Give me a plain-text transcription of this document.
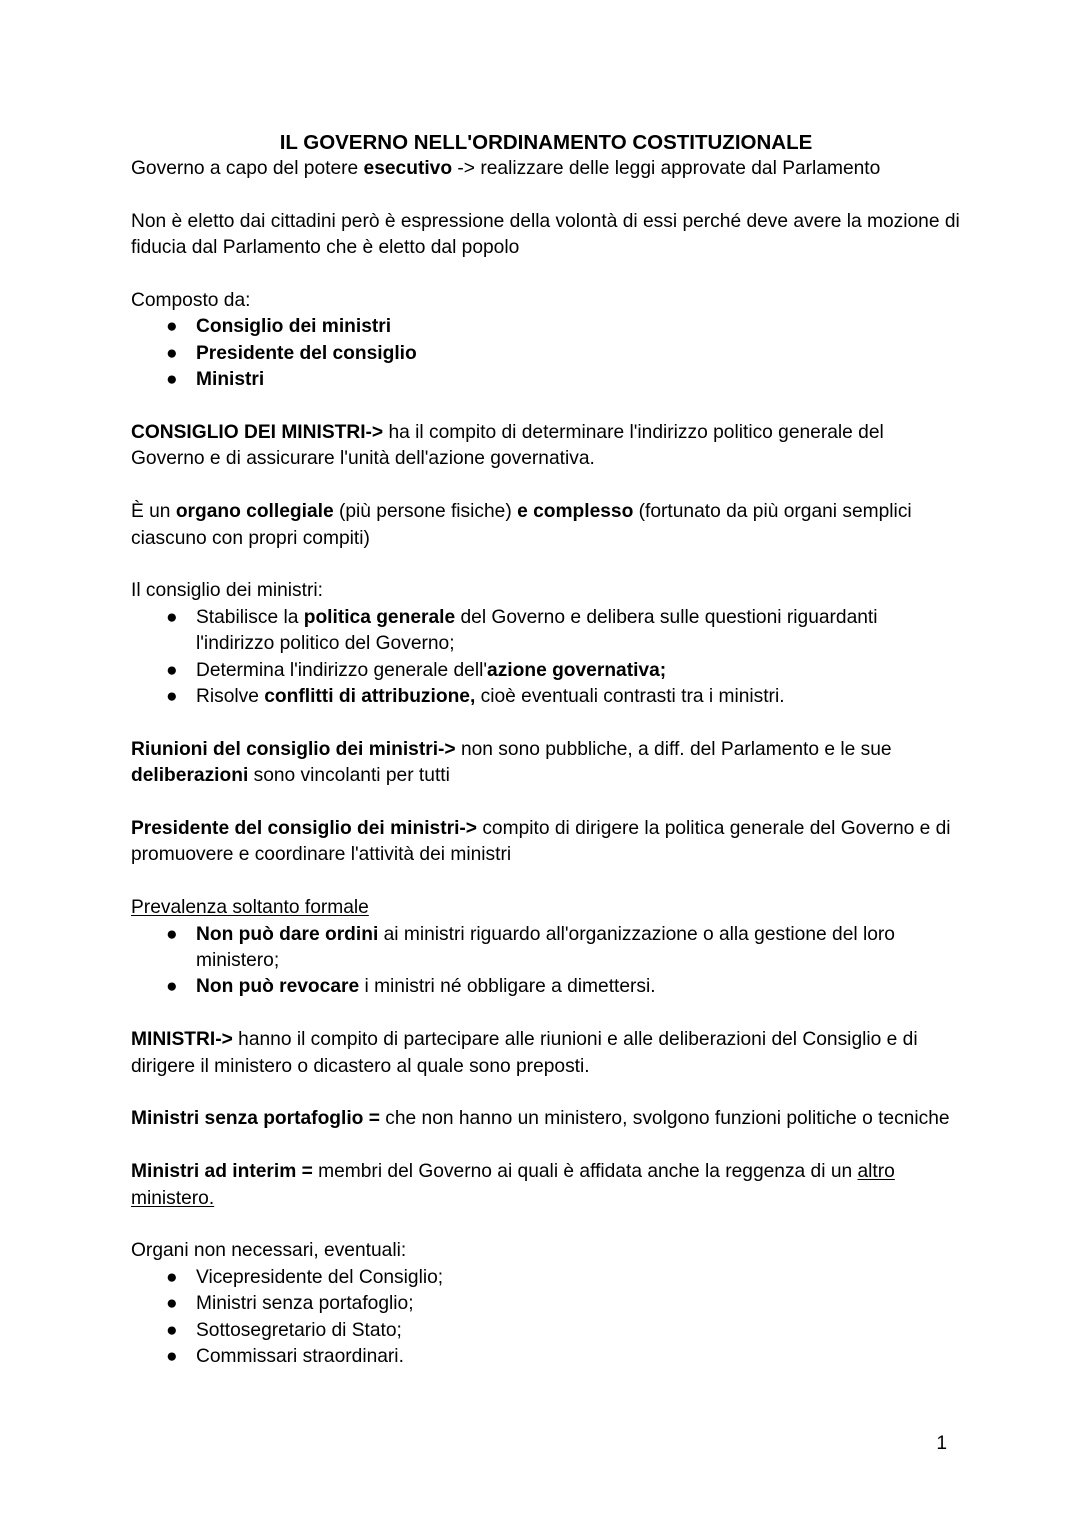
IL GOVERNO NELL'ORDINAMENTO COSTITUZIONALE

Governo a capo del potere esecutivo -> realizzare delle leggi approvate dal Parlamento

Non è eletto dai cittadini però è espressione della volontà di essi perché deve avere la mozione di fiducia dal Parlamento che è eletto dal popolo

Composto da:

● Consiglio dei ministri
● Presidente del consiglio
● Ministri

CONSIGLIO DEI MINISTRI-> ha il compito di determinare l'indirizzo politico generale del Governo e di assicurare l'unità dell'azione governativa.

È un organo collegiale (più persone fisiche) e complesso (fortunato da più organi semplici ciascuno con propri compiti)

Il consiglio dei ministri:

● Stabilisce la politica generale del Governo e delibera sulle questioni riguardanti l'indirizzo politico del Governo;
● Determina l'indirizzo generale dell'azione governativa;
● Risolve conflitti di attribuzione, cioè eventuali contrasti tra i ministri.

Riunioni del consiglio dei ministri-> non sono pubbliche, a diff. del Parlamento e le sue deliberazioni sono vincolanti per tutti

Presidente del consiglio dei ministri-> compito di dirigere la politica generale del Governo e di promuovere e coordinare l'attività dei ministri

Prevalenza soltanto formale

● Non può dare ordini ai ministri riguardo all'organizzazione o alla gestione del loro ministero;
● Non può revocare i ministri né obbligare a dimettersi.

MINISTRI-> hanno il compito di partecipare alle riunioni e alle deliberazioni del Consiglio e di dirigere il ministero o dicastero al quale sono preposti.

Ministri senza portafoglio = che non hanno un ministero, svolgono funzioni politiche o tecniche

Ministri ad interim = membri del Governo ai quali è affidata anche la reggenza di un altro ministero.

Organi non necessari, eventuali:

● Vicepresidente del Consiglio;
● Ministri senza portafoglio;
● Sottosegretario di Stato;
● Commissari straordinari.
1
